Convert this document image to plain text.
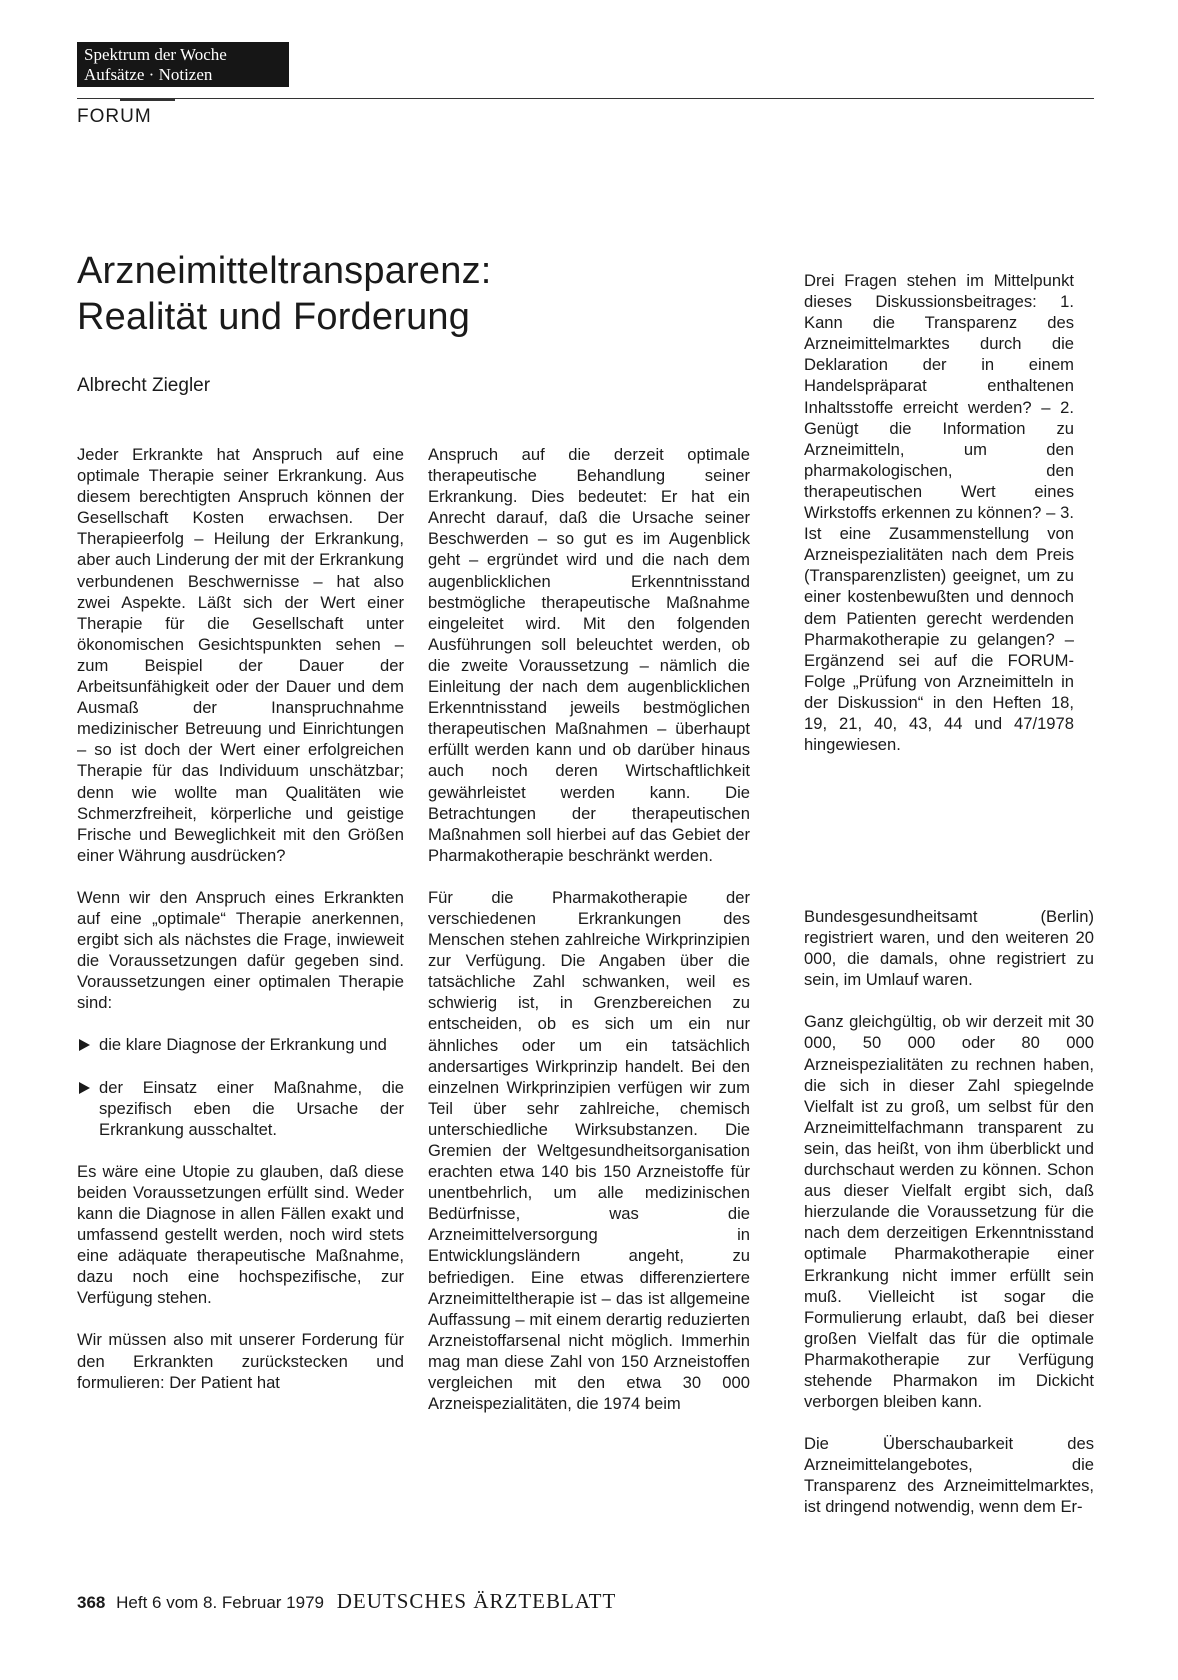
Spektrum der Woche
Aufsätze · Notizen
FORUM
Arzneimitteltransparenz:
Realität und Forderung
Albrecht Ziegler

Jeder Erkrankte hat Anspruch auf eine optimale Therapie seiner Erkrankung. Aus diesem berechtigten Anspruch können der Gesellschaft Kosten erwachsen. Der Therapieerfolg – Heilung der Erkrankung, aber auch Linderung der mit der Erkrankung verbundenen Beschwernisse – hat also zwei Aspekte. Läßt sich der Wert einer Therapie für die Gesellschaft unter ökonomischen Gesichtspunkten sehen – zum Beispiel der Dauer der Arbeitsunfähigkeit oder der Dauer und dem Ausmaß der Inanspruchnahme medizinischer Betreuung und Einrichtungen – so ist doch der Wert einer erfolgreichen Therapie für das Individuum unschätzbar; denn wie wollte man Qualitäten wie Schmerzfreiheit, körperliche und geistige Frische und Beweglichkeit mit den Größen einer Währung ausdrücken?

Wenn wir den Anspruch eines Erkrankten auf eine „optimale“ Therapie anerkennen, ergibt sich als nächstes die Frage, inwieweit die Voraussetzungen dafür gegeben sind. Voraussetzungen einer optimalen Therapie sind:

die klare Diagnose der Erkrankung und

der Einsatz einer Maßnahme, die spezifisch eben die Ursache der Erkrankung ausschaltet.

Es wäre eine Utopie zu glauben, daß diese beiden Voraussetzungen erfüllt sind. Weder kann die Diagnose in allen Fällen exakt und umfassend gestellt werden, noch wird stets eine adäquate therapeutische Maßnahme, dazu noch eine hochspezifische, zur Verfügung stehen.

Wir müssen also mit unserer Forderung für den Erkrankten zurückstecken und formulieren: Der Patient hat

Anspruch auf die derzeit optimale therapeutische Behandlung seiner Erkrankung. Dies bedeutet: Er hat ein Anrecht darauf, daß die Ursache seiner Beschwerden – so gut es im Augenblick geht – ergründet wird und die nach dem augenblicklichen Erkenntnisstand bestmögliche therapeutische Maßnahme eingeleitet wird. Mit den folgenden Ausführungen soll beleuchtet werden, ob die zweite Voraussetzung – nämlich die Einleitung der nach dem augenblicklichen Erkenntnisstand jeweils bestmöglichen therapeutischen Maßnahmen – überhaupt erfüllt werden kann und ob darüber hinaus auch noch deren Wirtschaftlichkeit gewährleistet werden kann. Die Betrachtungen der therapeutischen Maßnahmen soll hierbei auf das Gebiet der Pharmakotherapie beschränkt werden.

Für die Pharmakotherapie der verschiedenen Erkrankungen des Menschen stehen zahlreiche Wirkprinzipien zur Verfügung. Die Angaben über die tatsächliche Zahl schwanken, weil es schwierig ist, in Grenzbereichen zu entscheiden, ob es sich um ein nur ähnliches oder um ein tatsächlich andersartiges Wirkprinzip handelt. Bei den einzelnen Wirkprinzipien verfügen wir zum Teil über sehr zahlreiche, chemisch unterschiedliche Wirksubstanzen. Die Gremien der Weltgesundheitsorganisation erachten etwa 140 bis 150 Arzneistoffe für unentbehrlich, um alle medizinischen Bedürfnisse, was die Arzneimittelversorgung in Entwicklungsländern angeht, zu befriedigen. Eine etwas differenziertere Arzneimitteltherapie ist – das ist allgemeine Auffassung – mit einem derartig reduzierten Arzneistoffarsenal nicht möglich. Immerhin mag man diese Zahl von 150 Arzneistoffen vergleichen mit den etwa 30 000 Arzneispezialitäten, die 1974 beim

Drei Fragen stehen im Mittelpunkt dieses Diskussionsbeitrages: 1. Kann die Transparenz des Arzneimittelmarktes durch die Deklaration der in einem Handelspräparat enthaltenen Inhaltsstoffe erreicht werden? – 2. Genügt die Information zu Arzneimitteln, um den pharmakologischen, den therapeutischen Wert eines Wirkstoffs erkennen zu können? – 3. Ist eine Zusammenstellung von Arzneispezialitäten nach dem Preis (Transparenzlisten) geeignet, um zu einer kostenbewußten und dennoch dem Patienten gerecht werdenden Pharmakotherapie zu gelangen? – Ergänzend sei auf die FORUM-Folge „Prüfung von Arzneimitteln in der Diskussion“ in den Heften 18, 19, 21, 40, 43, 44 und 47/1978 hingewiesen.

Bundesgesundheitsamt (Berlin) registriert waren, und den weiteren 20 000, die damals, ohne registriert zu sein, im Umlauf waren.

Ganz gleichgültig, ob wir derzeit mit 30 000, 50 000 oder 80 000 Arzneispezialitäten zu rechnen haben, die sich in dieser Zahl spiegelnde Vielfalt ist zu groß, um selbst für den Arzneimittelfachmann transparent zu sein, das heißt, von ihm überblickt und durchschaut werden zu können. Schon aus dieser Vielfalt ergibt sich, daß hierzulande die Voraussetzung für die nach dem derzeitigen Erkenntnisstand optimale Pharmakotherapie einer Erkrankung nicht immer erfüllt sein muß. Vielleicht ist sogar die Formulierung erlaubt, daß bei dieser großen Vielfalt das für die optimale Pharmakotherapie zur Verfügung stehende Pharmakon im Dickicht verborgen bleiben kann.

Die Überschaubarkeit des Arzneimittelangebotes, die Transparenz des Arzneimittelmarktes, ist dringend notwendig, wenn dem Er-

368 Heft 6 vom 8. Februar 1979 DEUTSCHES ÄRZTEBLATT
